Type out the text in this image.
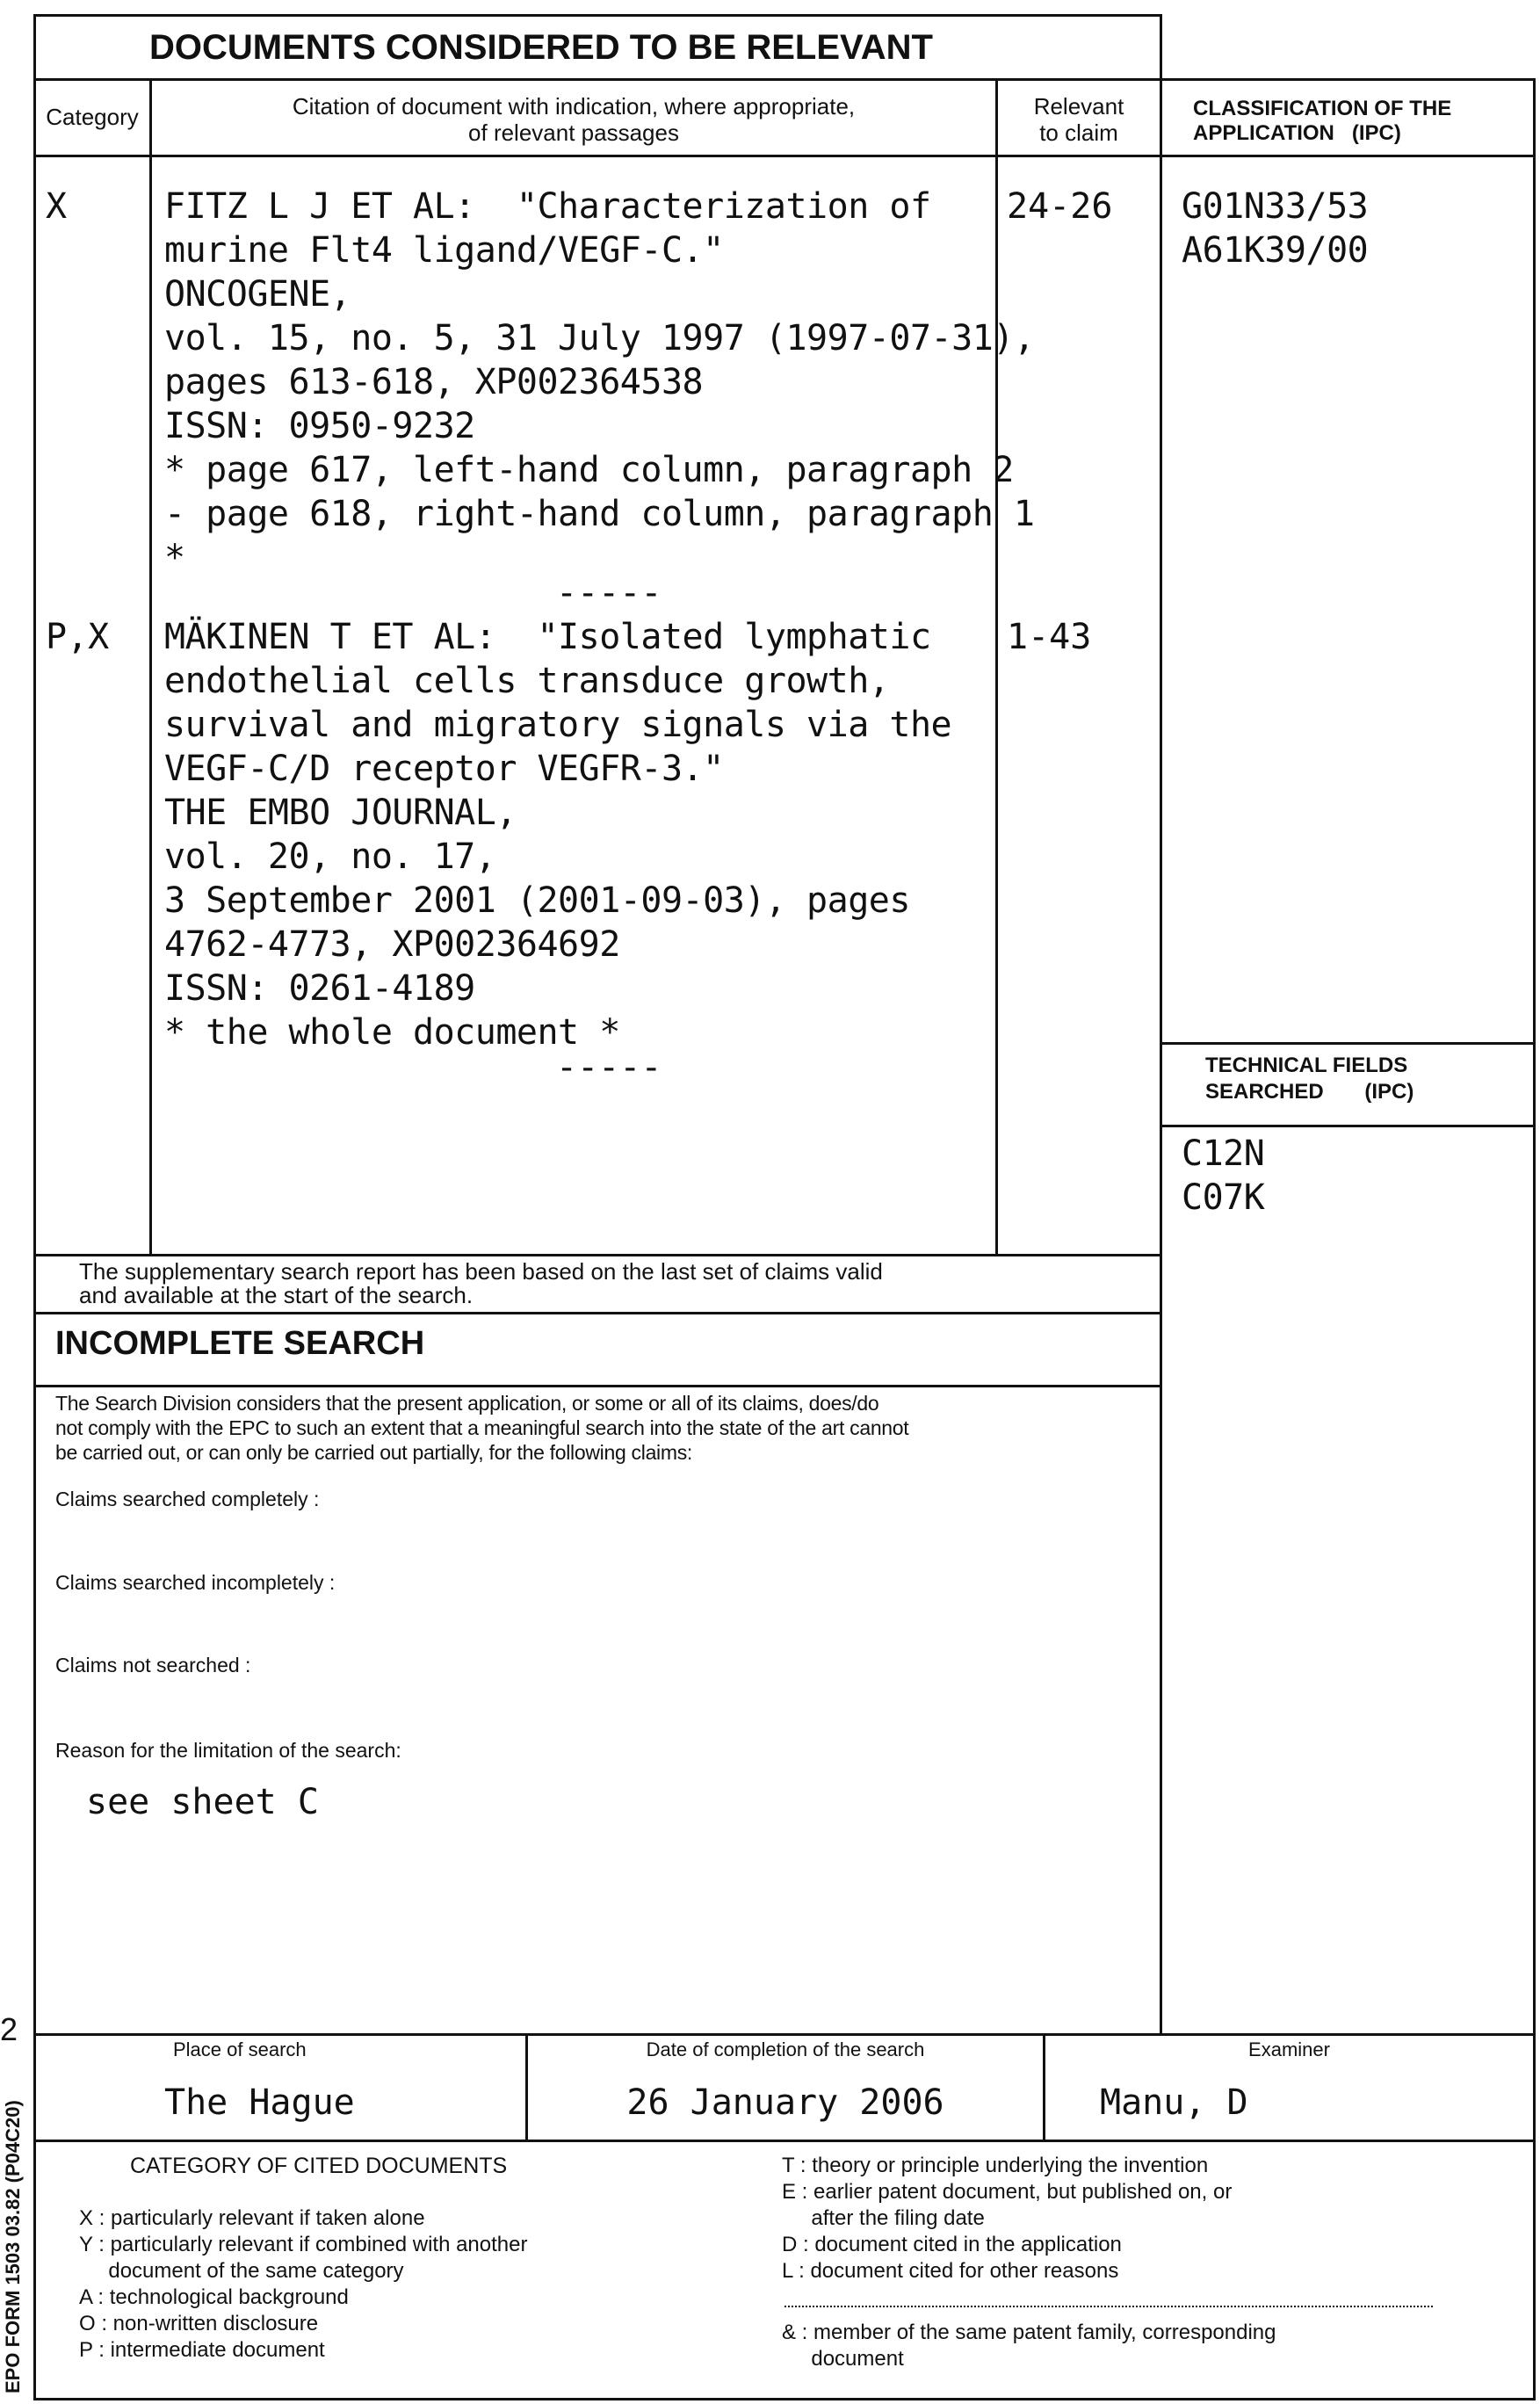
DOCUMENTS CONSIDERED TO BE RELEVANT
Category	Citation of document with indication, where appropriate,
of relevant passages
Relevant
to claim
CLASSIFICATION OF THE
APPLICATION   (IPC)
X	FITZ L J ET AL:  "Characterization of
murine Flt4 ligand/VEGF-C."
ONCOGENE,
vol. 15, no. 5, 31 July 1997 (1997-07-31),
pages 613-618, XP002364538
ISSN: 0950-9232
* page 617, left-hand column, paragraph 2
- page 618, right-hand column, paragraph 1
*
-----
24-26
P,X MÄKINEN T ET AL:  "Isolated lymphatic
endothelial cells transduce growth,
survival and migratory signals via the
VEGF-C/D receptor VEGFR-3."
THE EMBO JOURNAL,
vol. 20, no. 17,
3 September 2001 (2001-09-03), pages
4762-4773, XP002364692
ISSN: 0261-4189
* the whole document *
-----
1-43
G01N33/53
A61K39/00
TECHNICAL FIELDS
SEARCHED       (IPC)
C12N
C07K
The supplementary search report has been based on the last set of claims valid
and available at the start of the search.
INCOMPLETE SEARCH
The Search Division considers that the present application, or some or all of its claims, does/do
not comply with the EPC to such an extent that a meaningful search into the state of the art cannot
be carried out, or can only be carried out partially, for the following claims:
Claims searched completely :
Claims searched incompletely :
Claims not searched :
Reason for the limitation of the search:
see sheet C
Place of search
The Hague
Date of completion of the search
26 January 2006
Examiner
Manu, D
CATEGORY OF CITED DOCUMENTS
X : particularly relevant if taken alone
Y : particularly relevant if combined with another
document of the same category
A : technological background
O : non-written disclosure
P : intermediate document
T : theory or principle underlying the invention
E : earlier patent document, but published on, or
after the filing date
D : document cited in the application
L : document cited for other reasons
& : member of the same patent family, corresponding
document
2
EPO FORM 1503 03.82 (P04C20)
